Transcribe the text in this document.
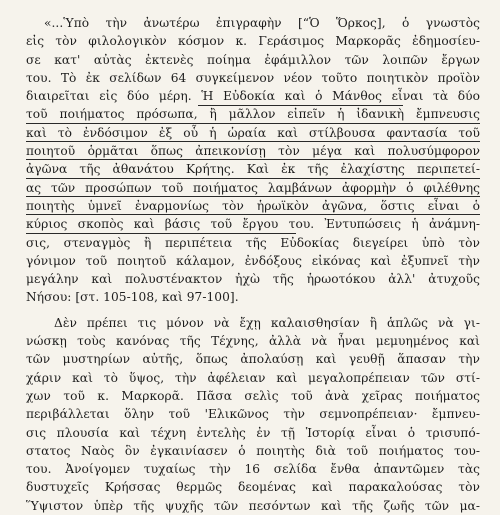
«...Ὑπὸ τὴν ἀνωτέρω ἐπιγραφὴν [“Ὁ Ὅρκος], ὁ γνωστὸς
εἰς τὸν φιλολογικὸν κόσμον κ. Γεράσιμος Μαρκορᾶς ἐδημοσίευ-
σε κατ' αὐτὰς ἐκτενὲς ποίημα ἐφάμιλλον τῶν λοιπῶν ἔργων
του. Τὸ ἐκ σελίδων 64 συγκείμενον νέον τοῦτο ποιητικὸν προϊὸν
διαιρεῖται εἰς δύο μέρη. Ἡ Εὐδοκία καὶ ὁ Μάνθος εἶναι τὰ δύο
τοῦ ποιήματος πρόσωπα, ἢ μᾶλλον εἰπεῖν ἡ ἰδανικὴ ἔμπνευσις
καὶ τὸ ἐνδόσιμον ἐξ οὗ ἡ ὡραία καὶ στίλβουσα φαντασία τοῦ
ποιητοῦ ὁρμᾶται ὅπως ἀπεικονίσῃ τὸν μέγα καὶ πολυσύμφορον
ἀγῶνα τῆς ἀθανάτου Κρήτης. Καὶ ἐκ τῆς ἐλαχίστης περιπετεί-
ας τῶν προσώπων τοῦ ποιήματος λαμβάνων ἀφορμὴν ὁ φιλέθνης
ποιητὴς ὑμνεῖ ἐναρμονίως τὸν ἡρωϊκὸν ἀγῶνα, ὅστις εἶναι ὁ
κύριος σκοπὸς καὶ βάσις τοῦ ἔργου του. Ἐντυπώσεις ἡ ἀνάμνη-
σις, στεναγμὸς ἢ περιπέτεια τῆς Εὐδοκίας διεγείρει ὑπὸ τὸν
γόνιμον τοῦ ποιητοῦ κάλαμον, ἐνδόξους εἰκόνας καὶ ἐξυπνεῖ τὴν
μεγάλην καὶ πολυστένακτον ἠχὼ τῆς ἡρωοτόκου ἀλλ' ἀτυχοῦς
Νήσου: [στ. 105-108, καὶ 97-100].
Δὲν πρέπει τις μόνον νὰ ἔχῃ καλαισθησίαν ἢ ἁπλῶς νὰ γι-
νώσκῃ τοὺς κανόνας τῆς Τέχνης, ἀλλὰ νὰ ἦναι μεμυημένος καὶ
τῶν μυστηρίων αὐτῆς, ὅπως ἀπολαύσῃ καὶ γευθῇ ἅπασαν τὴν
χάριν καὶ τὸ ὕψος, τὴν ἀφέλειαν καὶ μεγαλοπρέπειαν τῶν στί-
χων τοῦ κ. Μαρκορᾶ. Πᾶσα σελὶς τοῦ ἀνὰ χεῖρας ποιήματος
περιβάλλεται ὅλην τοῦ 'Ελικῶνος τὴν σεμνοπρέπειαν· ἔμπνευ-
σις πλουσία καὶ τέχνη ἐντελὴς ἐν τῇ Ἱστορίᾳ εἶναι ὁ τρισυπό-
στατος Ναὸς ὃν ἐγκαινίασεν ὁ ποιητὴς διὰ τοῦ ποιήματος του-
του. Ἀνοίγομεν τυχαίως τὴν 16 σελίδα ἔνθα ἀπαντῶμεν τὰς
δυστυχεῖς Κρήσσας θερμῶς δεομένας καὶ παρακαλούσας τὸν
Ὕψιστον ὑπὲρ τῆς ψυχῆς τῶν πεσόντων καὶ τῆς ζωῆς τῶν μα-
